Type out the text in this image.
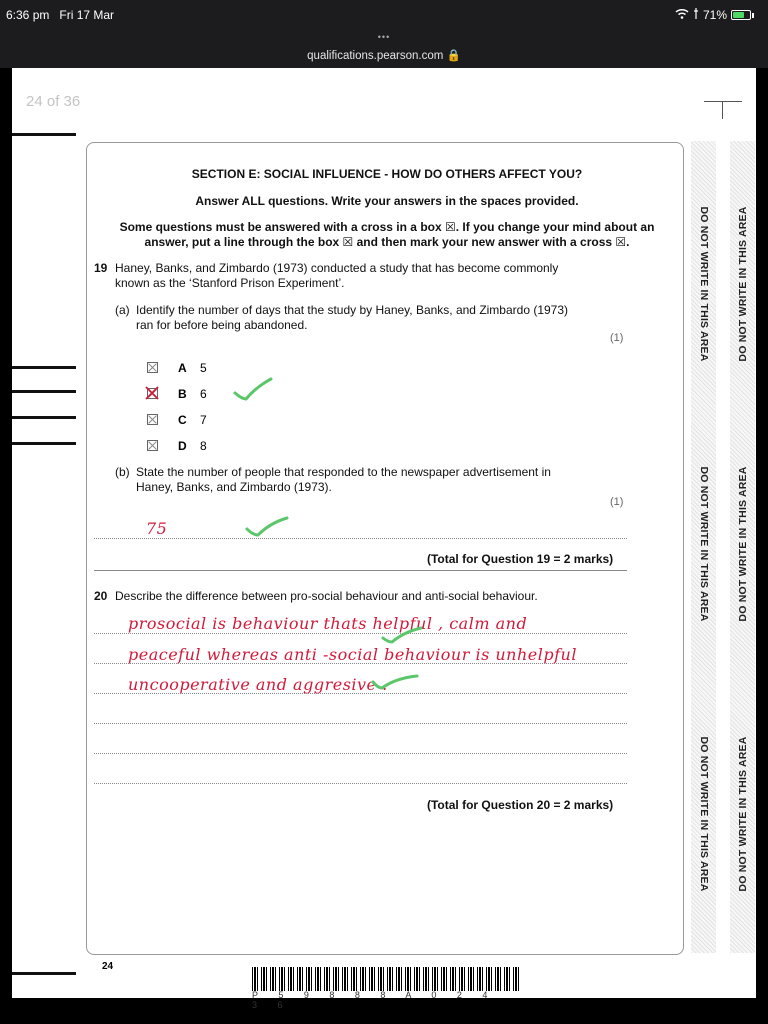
6:36 pm Fri 17 Mar	71%
•••
qualifications.pearson.com 🔒
24 of 36
DO NOT WRITE IN THIS AREA
DO NOT WRITE IN THIS AREA
DO NOT WRITE IN THIS AREA
DO NOT WRITE IN THIS AREA
DO NOT WRITE IN THIS AREA
DO NOT WRITE IN THIS AREA
SECTION E: SOCIAL INFLUENCE - HOW DO OTHERS AFFECT YOU?
Answer ALL questions. Write your answers in the spaces provided.
Some questions must be answered with a cross in a box ☒. If you change your mind about an
answer, put a line through the box ☒ and then mark your new answer with a cross ☒.
19 Haney, Banks, and Zimbardo (1973) conducted a study that has become commonly
known as the ‘Stanford Prison Experiment’.
(a) Identify the number of days that the study by Haney, Banks, and Zimbardo (1973)
ran for before being abandoned.
(1)
A 5
B 6
C 7
D 8
(b) State the number of people that responded to the newspaper advertisement in
Haney, Banks, and Zimbardo (1973).
(1)
75
(Total for Question 19 = 2 marks)
20 Describe the difference between pro-social behaviour and anti-social behaviour.
prosocial is behaviour thats helpful , calm and
peaceful whereas anti -social behaviour is unhelpful
uncooperative and aggresive .
(Total for Question 20 = 2 marks)
24
P 5 9 8 8 8 A 0 2 4 3 6
